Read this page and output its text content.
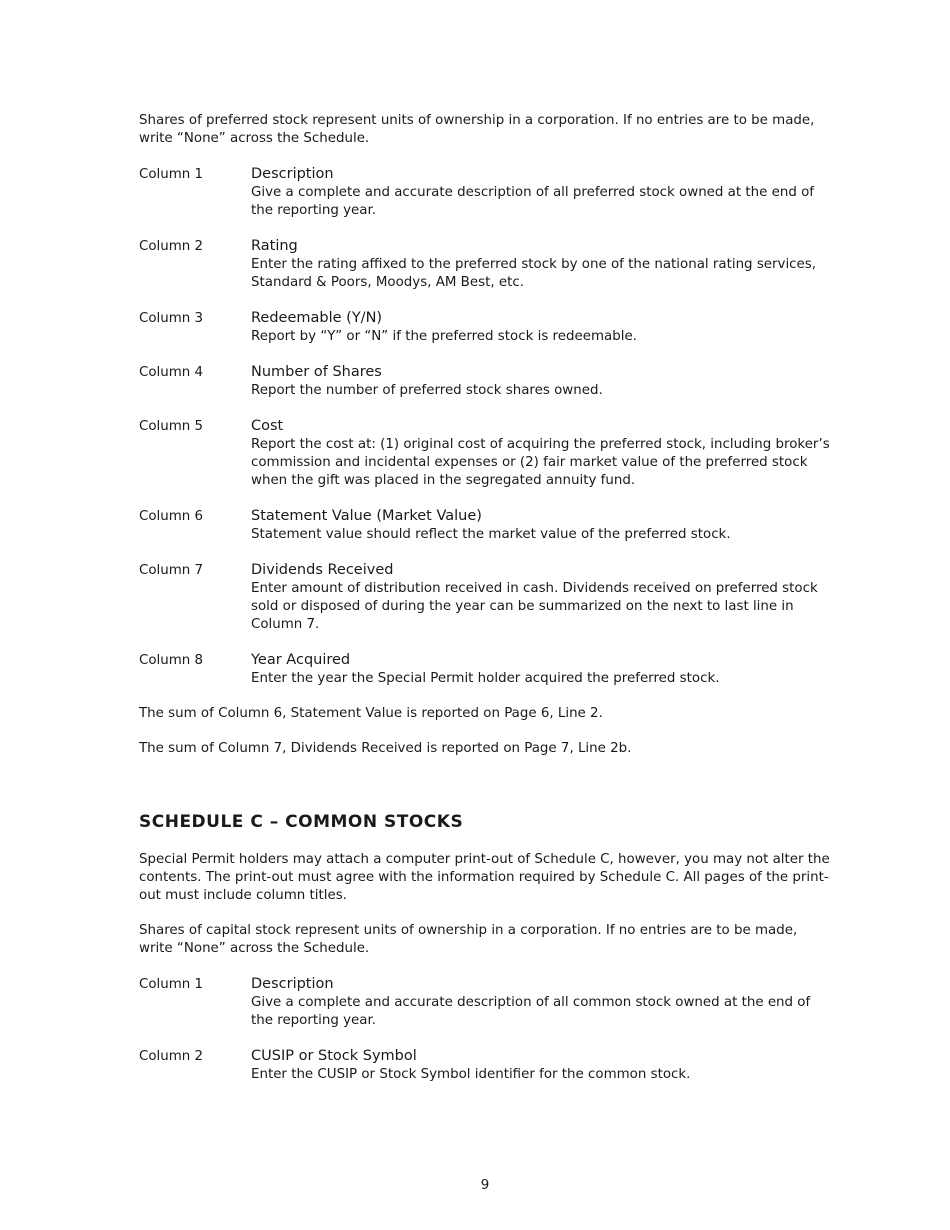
Shares of preferred stock represent units of ownership in a corporation. If no entries are to be made, write “None” across the Schedule.

Column 1	Description
Give a complete and accurate description of all preferred stock owned at the end of the reporting year.
Column 2	Rating
Enter the rating affixed to the preferred stock by one of the national rating services, Standard & Poors, Moodys, AM Best, etc.
Column 3	Redeemable (Y/N)
Report by “Y” or “N” if the preferred stock is redeemable.
Column 4	Number of Shares
Report the number of preferred stock shares owned.
Column 5	Cost
Report the cost at: (1) original cost of acquiring the preferred stock, including broker’s commission and incidental expenses or (2) fair market value of the preferred stock when the gift was placed in the segregated annuity fund.
Column 6	Statement Value (Market Value)
Statement value should reflect the market value of the preferred stock.
Column 7	Dividends Received
Enter amount of distribution received in cash. Dividends received on preferred stock sold or disposed of during the year can be summarized on the next to last line in Column 7.
Column 8	Year Acquired
Enter the year the Special Permit holder acquired the preferred stock.

The sum of Column 6, Statement Value is reported on Page 6, Line 2.

The sum of Column 7, Dividends Received is reported on Page 7, Line 2b.

SCHEDULE C – COMMON STOCKS

Special Permit holders may attach a computer print-out of Schedule C, however, you may not alter the contents. The print-out must agree with the information required by Schedule C. All pages of the print-out must include column titles.

Shares of capital stock represent units of ownership in a corporation. If no entries are to be made, write “None” across the Schedule.

Column 1	Description
Give a complete and accurate description of all common stock owned at the end of the reporting year.
Column 2	CUSIP or Stock Symbol
Enter the CUSIP or Stock Symbol identifier for the common stock.
9
